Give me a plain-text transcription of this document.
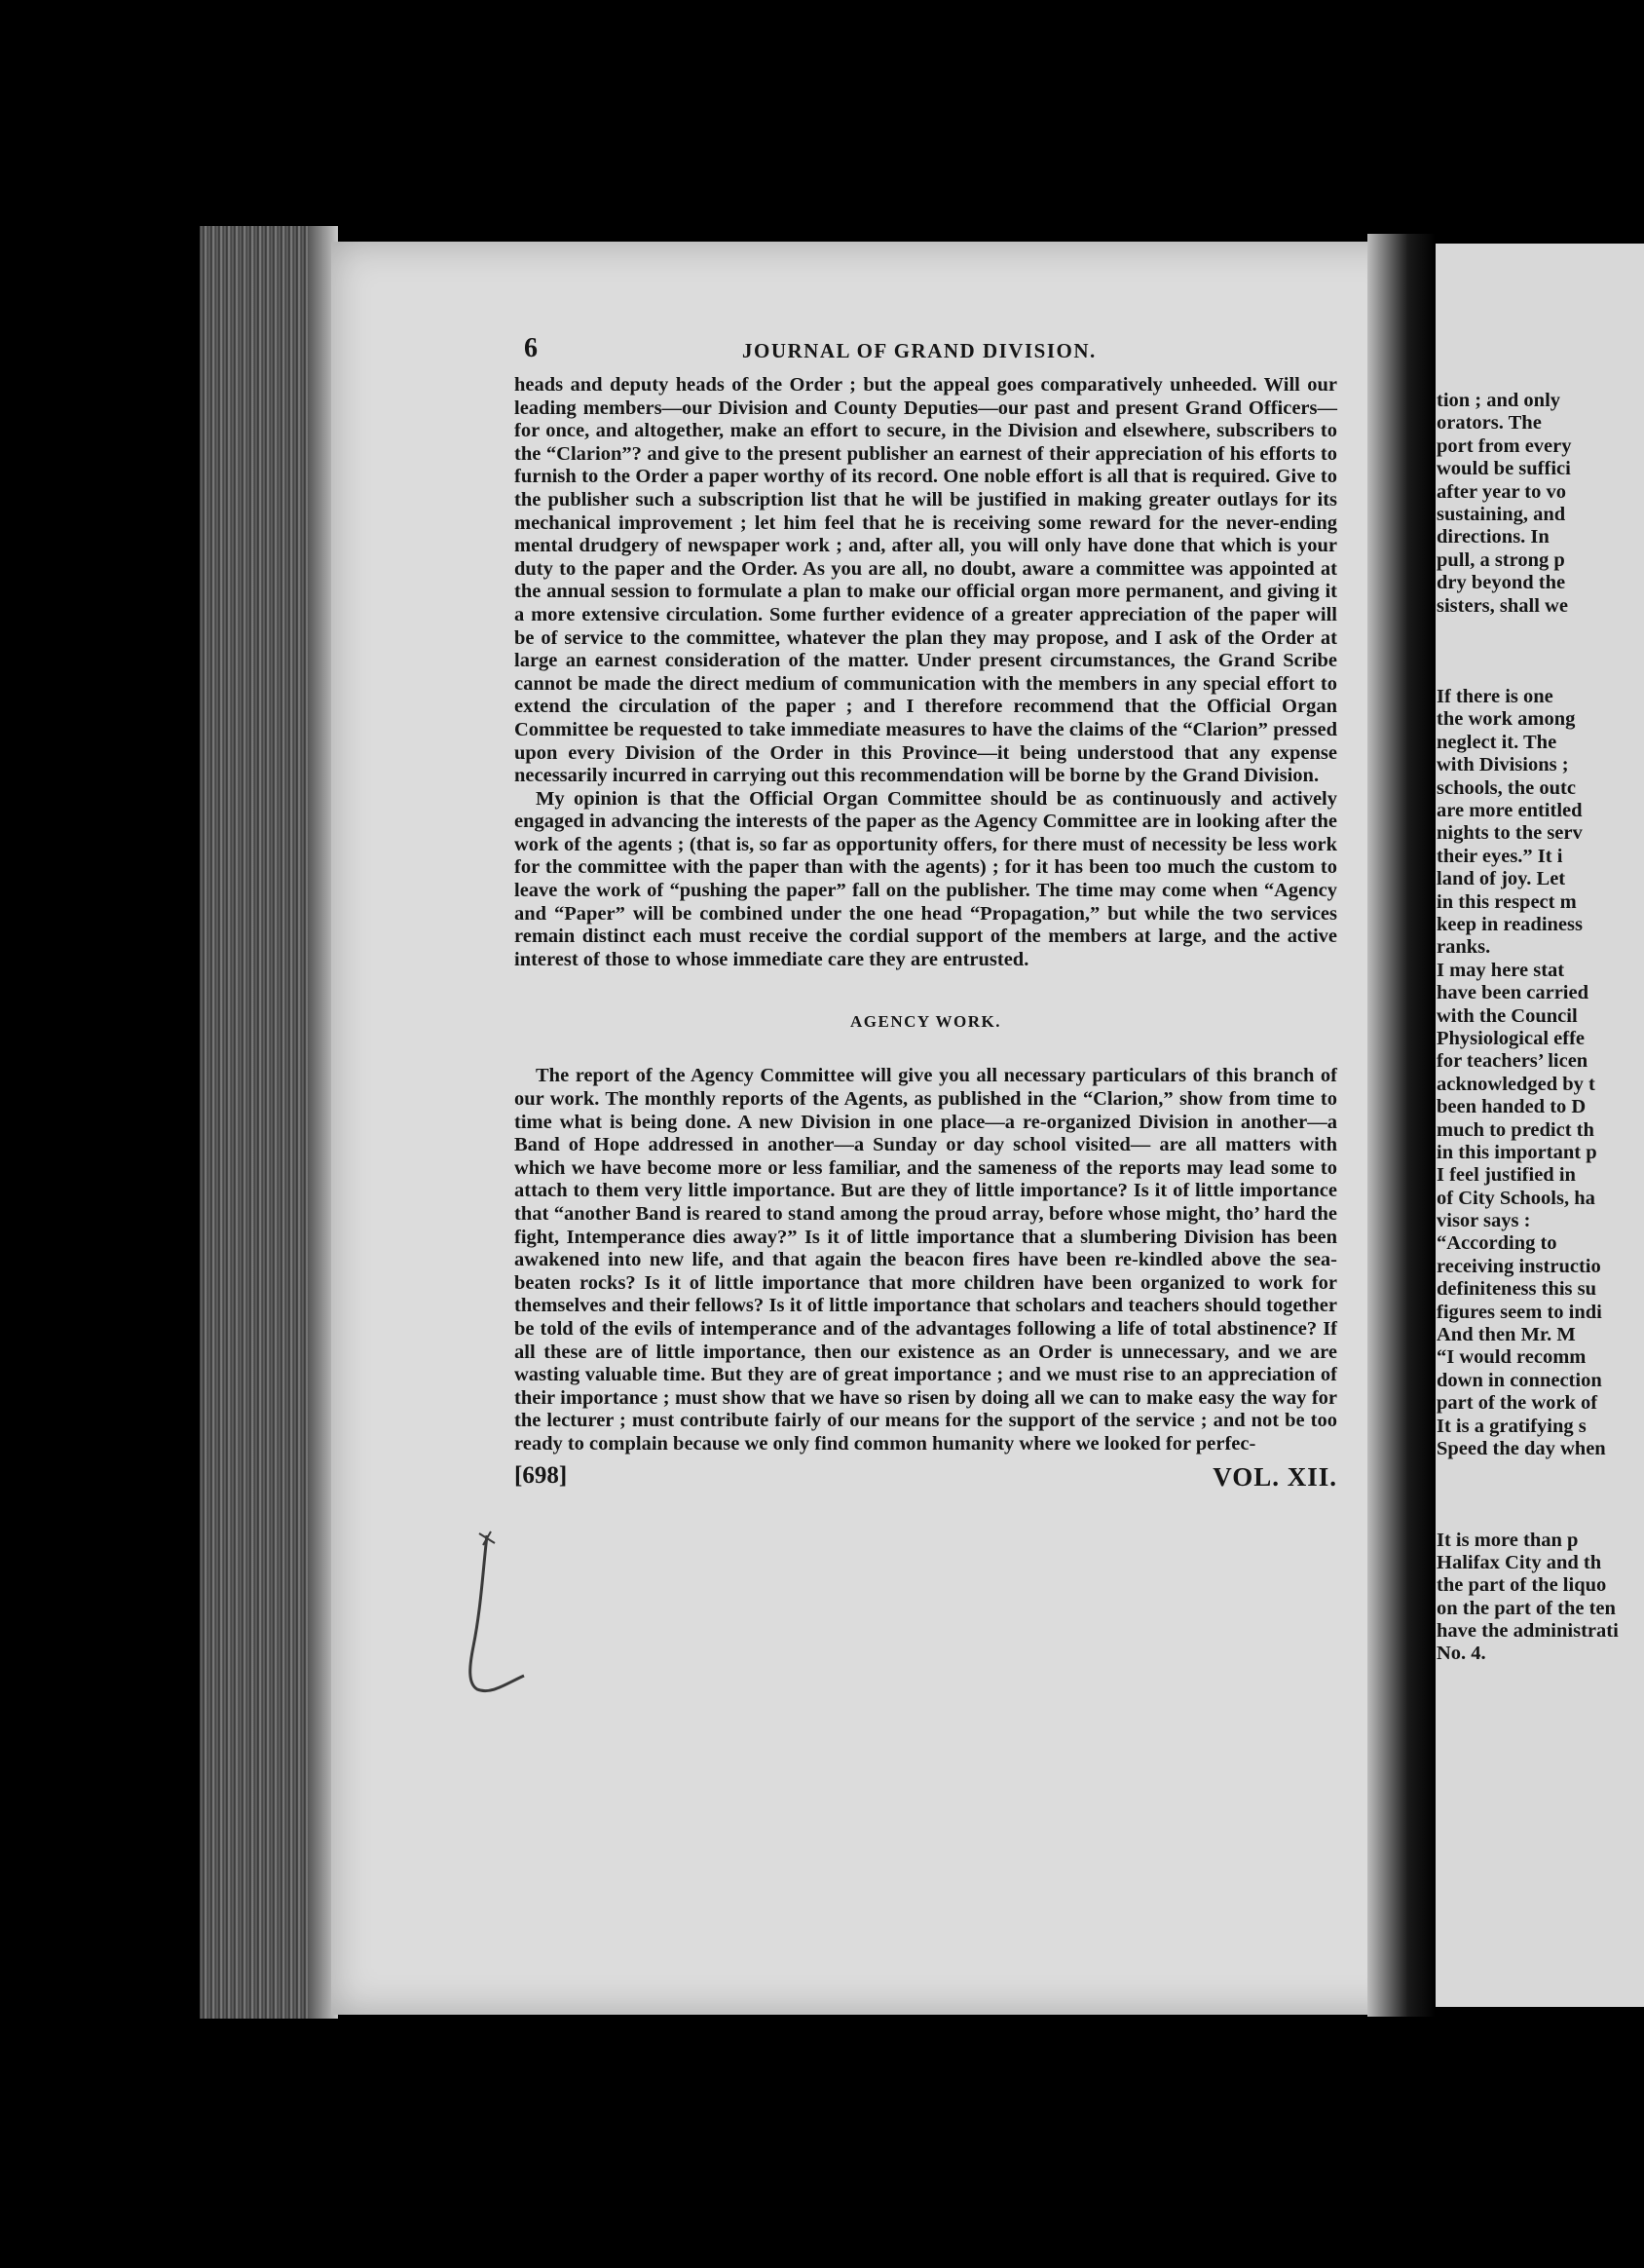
6	JOURNAL OF GRAND DIVISION.

heads and deputy heads of the Order ; but the appeal goes comparatively unheeded. Will our leading members—our Division and County Deputies—our past and present Grand Officers—for once, and altogether, make an effort to secure, in the Division and elsewhere, subscribers to the “Clarion”? and give to the present publisher an earnest of their appreciation of his efforts to furnish to the Order a paper worthy of its record. One noble effort is all that is required. Give to the publisher such a subscription list that he will be justified in making greater outlays for its mechanical improvement ; let him feel that he is receiving some reward for the never-ending mental drudgery of newspaper work ; and, after all, you will only have done that which is your duty to the paper and the Order. As you are all, no doubt, aware a committee was appointed at the annual session to formulate a plan to make our official organ more permanent, and giving it a more extensive circulation. Some further evidence of a greater appreciation of the paper will be of service to the committee, whatever the plan they may propose, and I ask of the Order at large an earnest consideration of the matter. Under present circumstances, the Grand Scribe cannot be made the direct medium of communication with the members in any special effort to extend the circulation of the paper ; and I therefore recommend that the Official Organ Committee be requested to take immediate measures to have the claims of the “Clarion” pressed upon every Division of the Order in this Province—it being understood that any expense necessarily incurred in carrying out this recommendation will be borne by the Grand Division.

My opinion is that the Official Organ Committee should be as continuously and actively engaged in advancing the interests of the paper as the Agency Committee are in looking after the work of the agents ; (that is, so far as opportunity offers, for there must of necessity be less work for the committee with the paper than with the agents) ; for it has been too much the custom to leave the work of “pushing the paper” fall on the publisher. The time may come when “Agency and “Paper” will be combined under the one head “Propagation,” but while the two services remain distinct each must receive the cordial support of the members at large, and the active interest of those to whose immediate care they are entrusted.

AGENCY WORK.

The report of the Agency Committee will give you all necessary particulars of this branch of our work. The monthly reports of the Agents, as published in the “Clarion,” show from time to time what is being done. A new Division in one place—a re-organized Division in another—a Band of Hope addressed in another—a Sunday or day school visited— are all matters with which we have become more or less familiar, and the sameness of the reports may lead some to attach to them very little importance. But are they of little importance? Is it of little importance that “another Band is reared to stand among the proud array, before whose might, tho’ hard the fight, Intemperance dies away?” Is it of little importance that a slumbering Division has been awakened into new life, and that again the beacon fires have been re-kindled above the sea-beaten rocks? Is it of little importance that more children have been organized to work for themselves and their fellows? Is it of little importance that scholars and teachers should together be told of the evils of intemperance and of the advantages following a life of total abstinence? If all these are of little importance, then our existence as an Order is unnecessary, and we are wasting valuable time. But they are of great importance ; and we must rise to an appreciation of their importance ; must show that we have so risen by doing all we can to make easy the way for the lecturer ; must contribute fairly of our means for the support of the service ; and not be too ready to complain because we only find common humanity where we looked for perfec-

[698]	VOL. XII.
tion ; and only
orators. The
port from every
would be suffici
after year to vo
sustaining, and
directions. In
pull, a strong p
dry beyond the
sisters, shall we
If there is one
the work among
neglect it. The
with Divisions ;
schools, the outc
are more entitled
nights to the serv
their eyes.” It i
land of joy. Let
in this respect m
keep in readiness
ranks.
I may here stat
have been carried
with the Council
Physiological effe
for teachers’ licen
acknowledged by t
been handed to D
much to predict th
in this important p
I feel justified in
of City Schools, ha
visor says :
“According to
receiving instructio
definiteness this su
figures seem to indi
And then Mr. M
“I would recomm
down in connection
part of the work of
It is a gratifying s
Speed the day when
It is more than p
Halifax City and th
the part of the liquo
on the part of the ten
have the administrati
No. 4.
